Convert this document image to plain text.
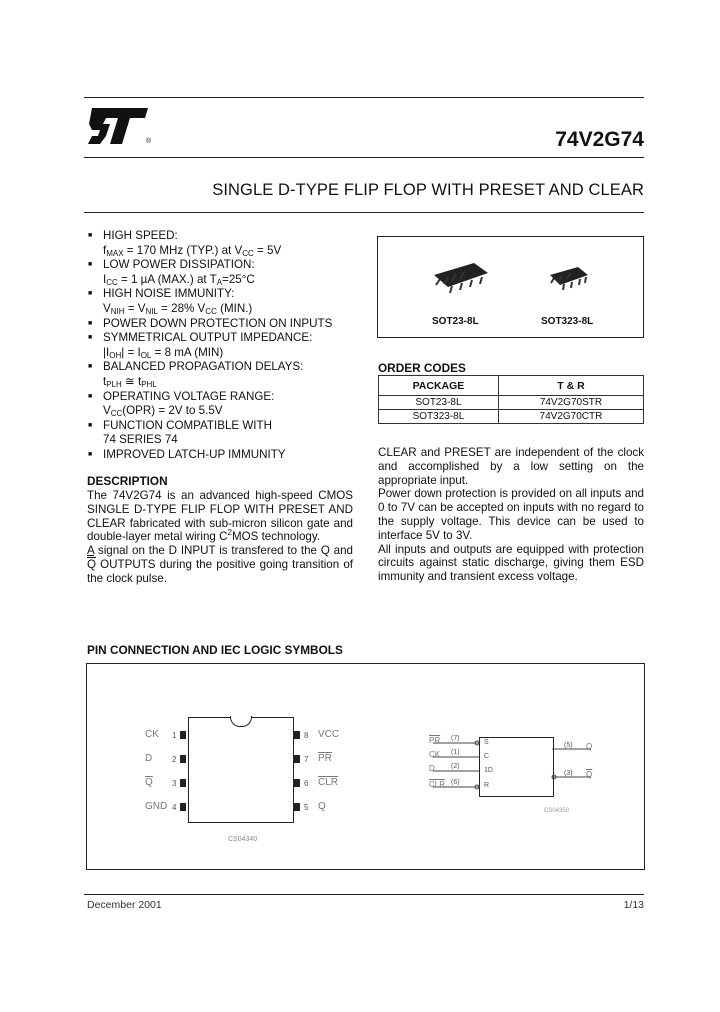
®	74V2G74
SINGLE D-TYPE FLIP FLOP WITH PRESET AND CLEAR
■ HIGH SPEED:
$f_{MAX} = 170$ MHz (TYP.) at $V_{CC} = 5V$
■ LOW POWER DISSIPATION:
$I_{CC} = 1$ µA (MAX.) at $T_A=25^\circ C$
■ HIGH NOISE IMMUNITY:
$V_{NIH} = V_{NIL} = 28\%$ $V_{CC}$ (MIN.)
■ POWER DOWN PROTECTION ON INPUTS
■ SYMMETRICAL OUTPUT IMPEDANCE:
$|I_{OH}| = I_{OL} = 8$ mA (MIN)
■ BALANCED PROPAGATION DELAYS:
$t_{PLH}$ ≅ $t_{PHL}$
■ OPERATING VOLTAGE RANGE:
$V_{CC}(OPR) = 2V$ to 5.5V
■ FUNCTION COMPATIBLE WITH
74 SERIES 74
■ IMPROVED LATCH-UP IMMUNITY
SOT23-8L	SOT323-8L
ORDER CODES
PACKAGE	T & R
SOT23-8L	74V2G70STR
SOT323-8L	74V2G70CTR
DESCRIPTION
The 74V2G74 is an advanced high-speed CMOS SINGLE D-TYPE FLIP FLOP WITH PRESET AND CLEAR fabricated with sub-micron silicon gate and double-layer metal wiring $C^2MOS$ technology.
A signal on the D INPUT is transfered to the Q and $\overline{Q}$ OUTPUTS during the positive going transition of the clock pulse.
CLEAR and PRESET are independent of the clock and accomplished by a low setting on the appropriate input.
Power down protection is provided on all inputs and 0 to 7V can be accepted on inputs with no regard to the supply voltage. This device can be used to interface 5V to 3V.
All inputs and outputs are equipped with protection circuits against static discharge, giving them ESD immunity and transient excess voltage.
PIN CONNECTION AND IEC LOGIC SYMBOLS
CK
D
$\overline{Q}$
GND
1
2
3
4
8
7
6
5
VCC
$\overline{PR}$
$\overline{CLR}$
Q
CS04340
$\overline{PR}$
CK
D
$\overline{CLR}$
(7)
(1)
(2)
(6)
S
C
1D
R
(5)
(3)
Q
$\overline{Q}$
CS04350
December 2001	1/13
